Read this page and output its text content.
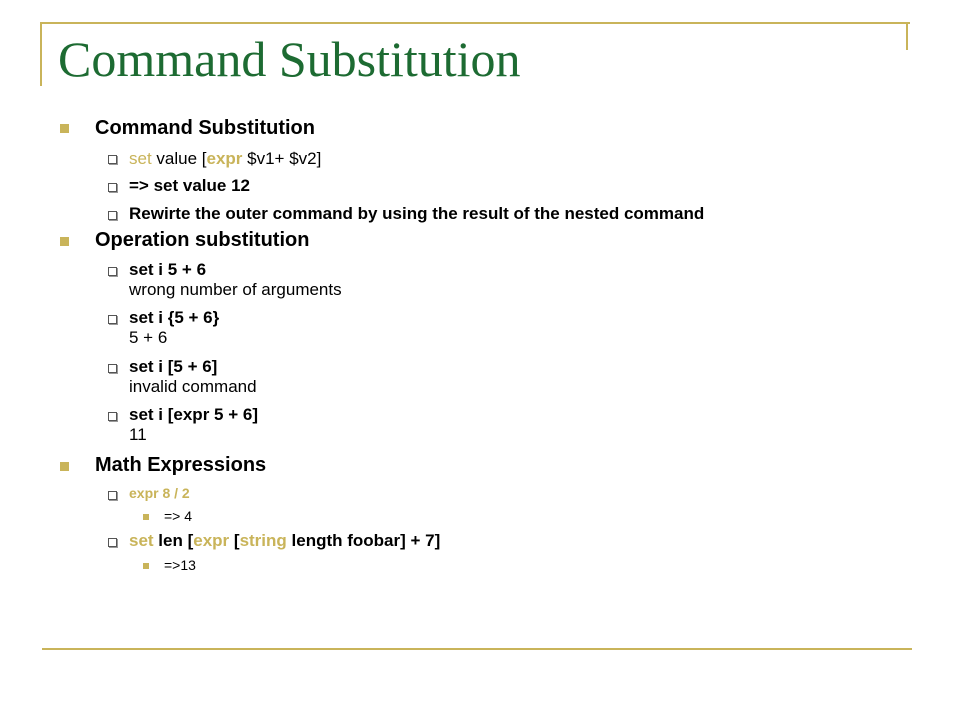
Command Substitution
Command Substitution
set value [expr $v1+ $v2]
=> set value 12
Rewirte the outer command by using the result of the nested command
Operation substitution
set i 5 + 6
wrong number of arguments
set i {5 + 6}
5 + 6
set i [5 + 6]
invalid command
set i [expr 5 + 6]
11
Math Expressions
expr 8 / 2
=> 4
set len [expr [string length foobar] + 7]
=>13
